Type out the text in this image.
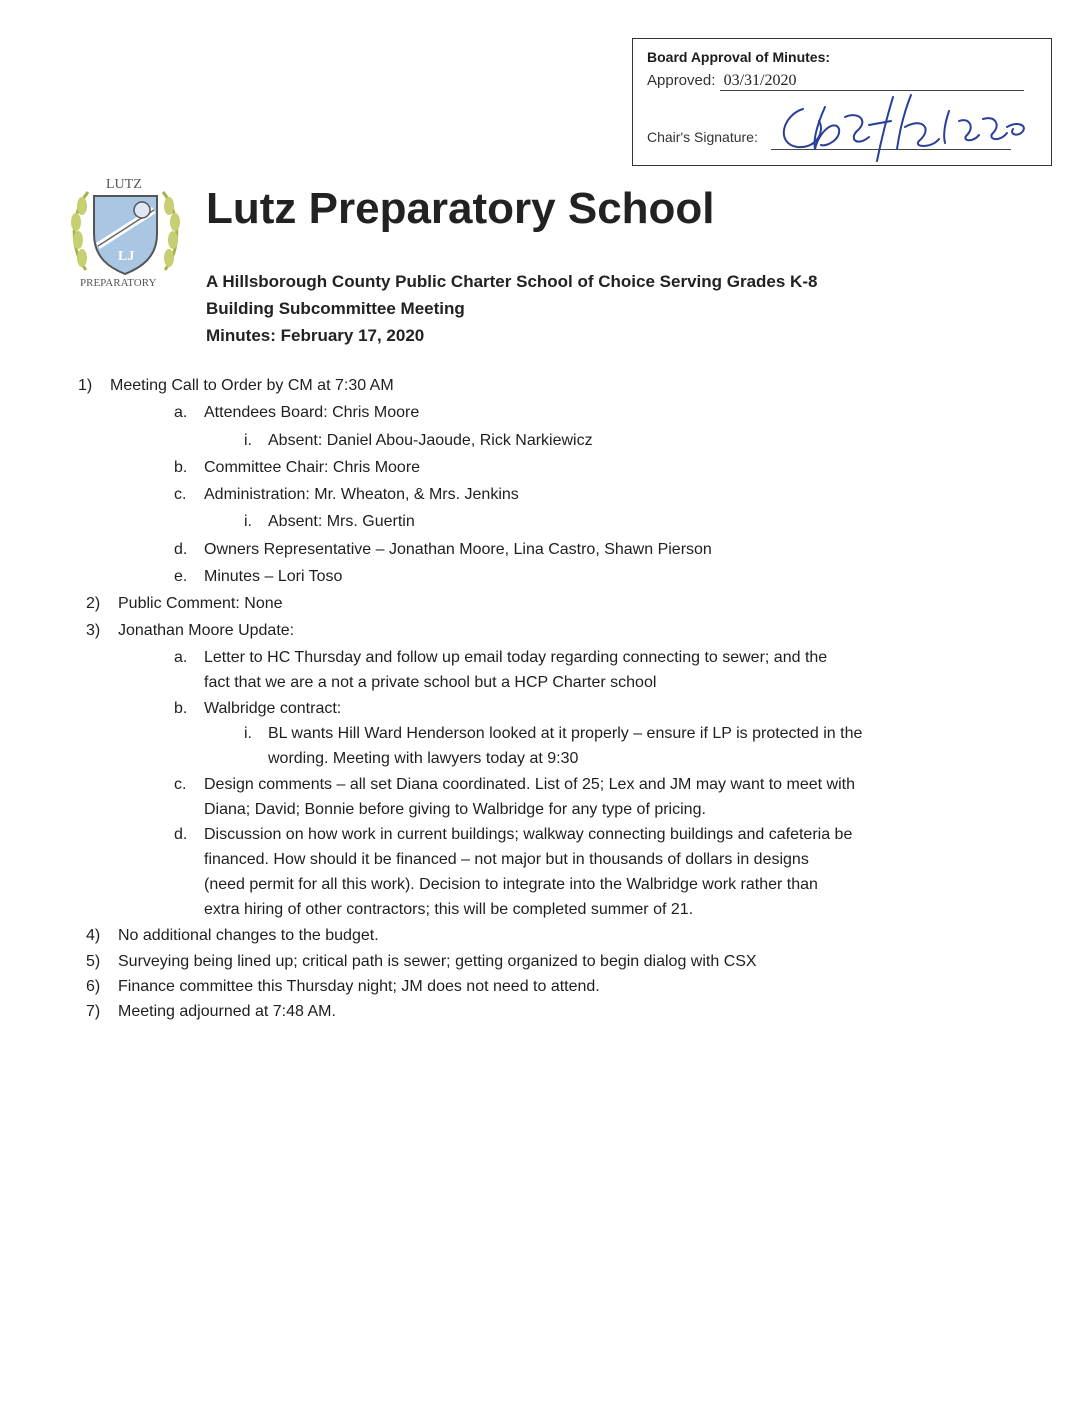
Board Approval of Minutes:
Approved: 03/31/2020
Chair's Signature:
LJ
LUTZ
PREPARATORY
Lutz Preparatory School
A Hillsborough County Public Charter School of Choice Serving Grades K-8
Building Subcommittee Meeting
Minutes: February 17, 2020
1) Meeting Call to Order by CM at 7:30 AM
a. Attendees Board: Chris Moore
i. Absent: Daniel Abou-Jaoude, Rick Narkiewicz
b. Committee Chair: Chris Moore
c. Administration: Mr. Wheaton, & Mrs. Jenkins
i. Absent: Mrs. Guertin
d. Owners Representative – Jonathan Moore, Lina Castro, Shawn Pierson
e. Minutes – Lori Toso
2) Public Comment: None
3) Jonathan Moore Update:
a. Letter to HC Thursday and follow up email today regarding connecting to sewer; and the
fact that we are a not a private school but a HCP Charter school
b. Walbridge contract:
i. BL wants Hill Ward Henderson looked at it properly – ensure if LP is protected in the
wording. Meeting with lawyers today at 9:30
c. Design comments – all set Diana coordinated. List of 25; Lex and JM may want to meet with
Diana; David; Bonnie before giving to Walbridge for any type of pricing.
d. Discussion on how work in current buildings; walkway connecting buildings and cafeteria be
financed. How should it be financed – not major but in thousands of dollars in designs
(need permit for all this work). Decision to integrate into the Walbridge work rather than
extra hiring of other contractors; this will be completed summer of 21.
4) No additional changes to the budget.
5) Surveying being lined up; critical path is sewer; getting organized to begin dialog with CSX
6) Finance committee this Thursday night; JM does not need to attend.
7) Meeting adjourned at 7:48 AM.
